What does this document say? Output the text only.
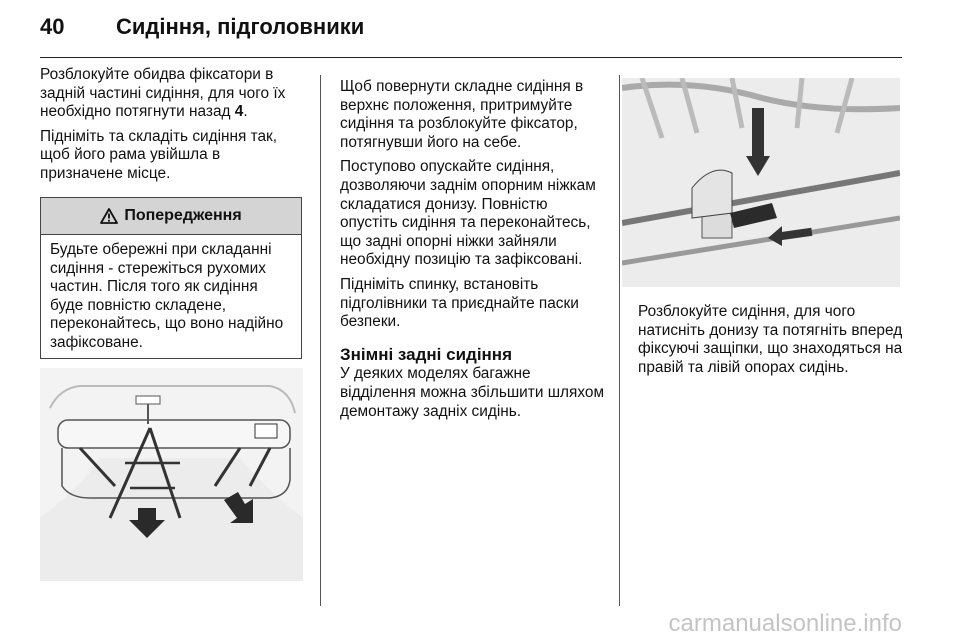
40	Сидіння, підголовники

Розблокуйте обидва фіксатори в задній частині сидіння, для чого їх необхідно потягнути назад 4.

Підніміть та складіть сидіння так, щоб його рама увійшла в призначене місце.

Попередження
Будьте обережні при складанні сидіння - стережіться рухомих частин. Після того як сидіння буде повністю складене, переконайтесь, що воно надійно зафіксоване.

Щоб повернути складне сидіння в верхнє положення, притримуйте сидіння та розблокуйте фіксатор, потягнувши його на себе.

Поступово опускайте сидіння, дозволяючи заднім опорним ніжкам складатися донизу. Повністю опустіть сидіння та переконайтесь, що задні опорні ніжки зайняли необхідну позицію та зафіксовані.

Підніміть спинку, встановіть підголівники та приєднайте паски безпеки.

Знімні задні сидіння

У деяких моделях багажне відділення можна збільшити шляхом демонтажу задніх сидінь.

Розблокуйте сидіння, для чого натисніть донизу та потягніть вперед фіксуючі защіпки, що знаходяться на правій та лівій опорах сидінь.

carmanualsonline.info
